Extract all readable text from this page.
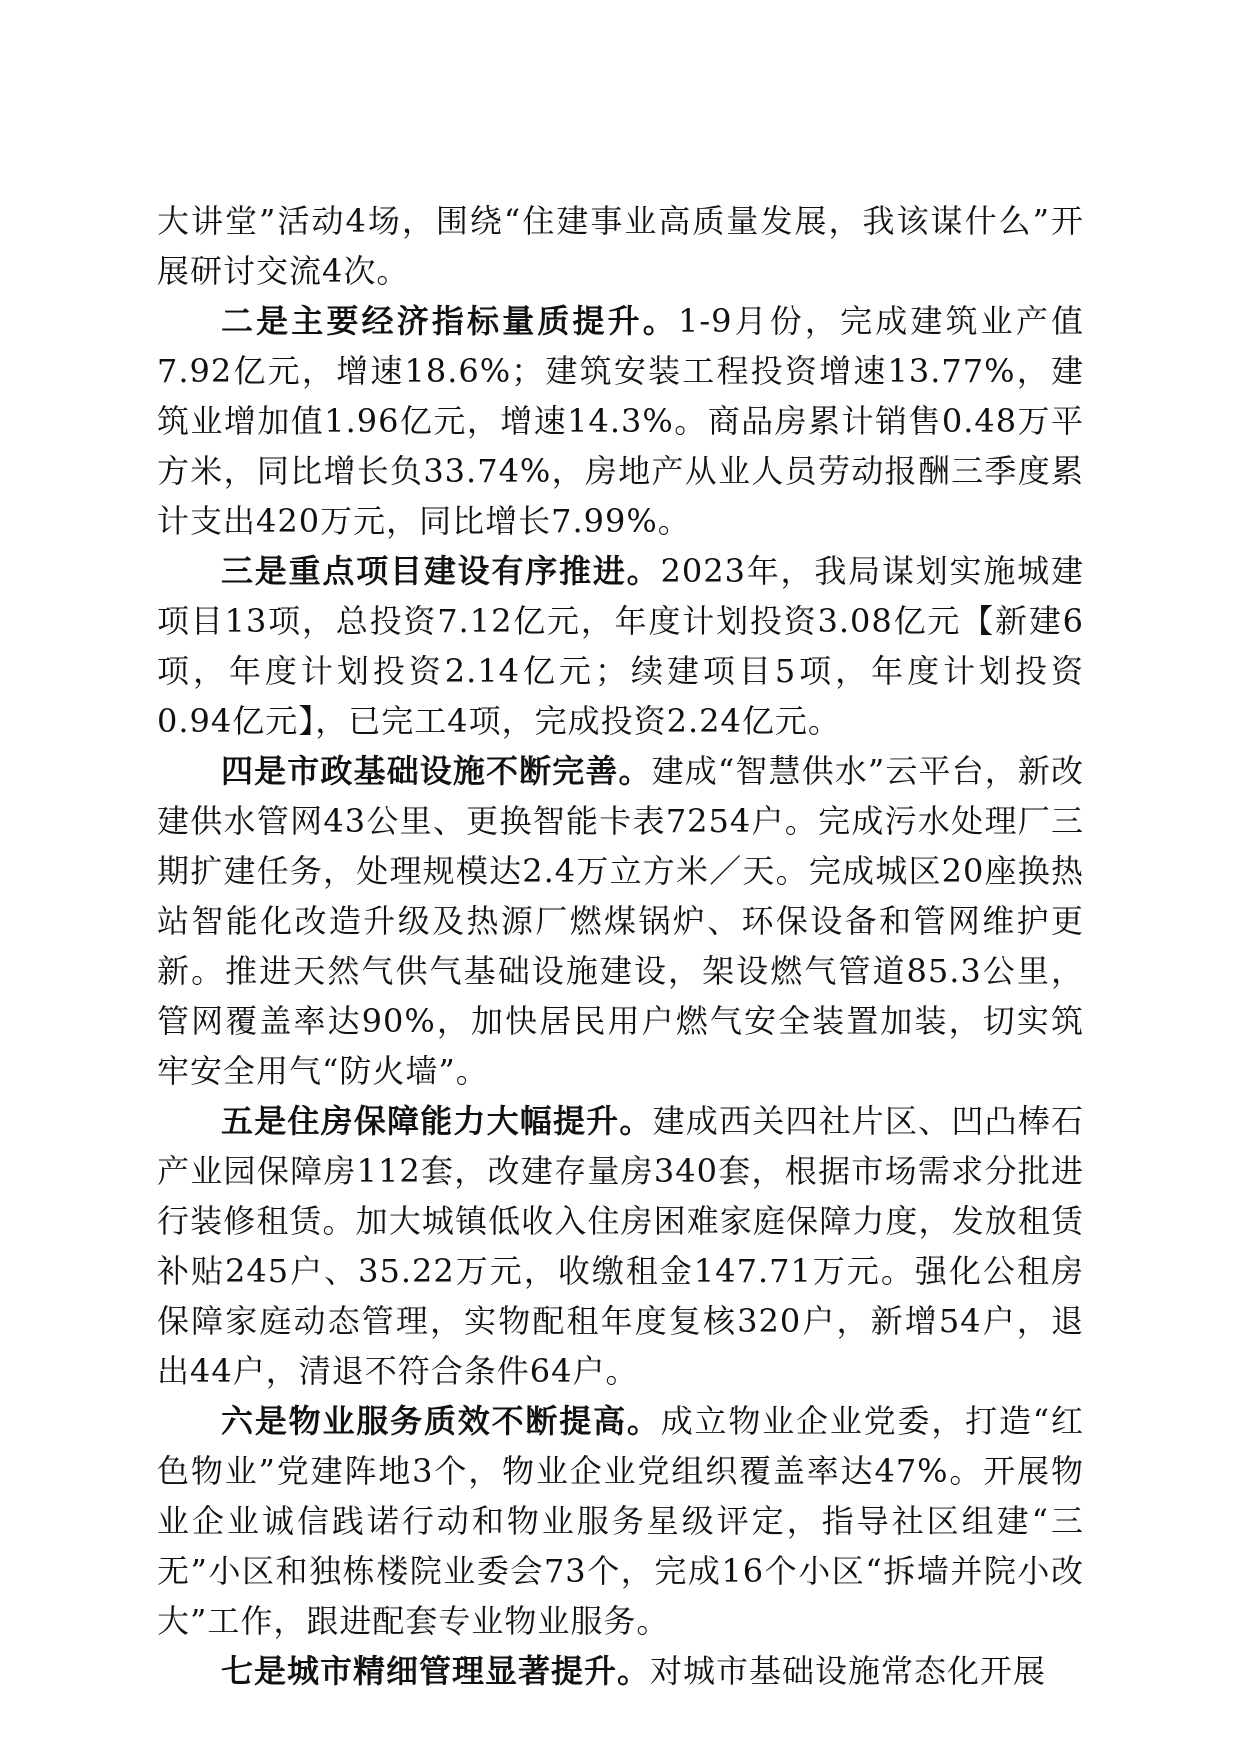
大讲堂”活动4场，围绕“住建事业高质量发展，我该谋什么”开展研讨交流4次。

二是主要经济指标量质提升。1-9月份，完成建筑业产值7.92亿元，增速18.6%；建筑安装工程投资增速13.77%，建筑业增加值1.96亿元，增速14.3%。商品房累计销售0.48万平方米，同比增长负33.74%，房地产从业人员劳动报酬三季度累计支出420万元，同比增长7.99%。

三是重点项目建设有序推进。2023年，我局谋划实施城建项目13项，总投资7.12亿元，年度计划投资3.08亿元【新建6项，年度计划投资2.14亿元；续建项目5项，年度计划投资0.94亿元】，已完工4项，完成投资2.24亿元。

四是市政基础设施不断完善。建成“智慧供水”云平台，新改建供水管网43公里、更换智能卡表7254户。完成污水处理厂三期扩建任务，处理规模达2.4万立方米／天。完成城区20座换热站智能化改造升级及热源厂燃煤锅炉、环保设备和管网维护更新。推进天然气供气基础设施建设，架设燃气管道85.3公里，管网覆盖率达90%，加快居民用户燃气安全装置加装，切实筑牢安全用气“防火墙”。

五是住房保障能力大幅提升。建成西关四社片区、凹凸棒石产业园保障房112套，改建存量房340套，根据市场需求分批进行装修租赁。加大城镇低收入住房困难家庭保障力度，发放租赁补贴245户、35.22万元，收缴租金147.71万元。强化公租房保障家庭动态管理，实物配租年度复核320户，新增54户，退出44户，清退不符合条件64户。

六是物业服务质效不断提高。成立物业企业党委，打造“红色物业”党建阵地3个，物业企业党组织覆盖率达47%。开展物业企业诚信践诺行动和物业服务星级评定，指导社区组建“三无”小区和独栋楼院业委会73个，完成16个小区“拆墙并院小改大”工作，跟进配套专业物业服务。

七是城市精细管理显著提升。对城市基础设施常态化开展
